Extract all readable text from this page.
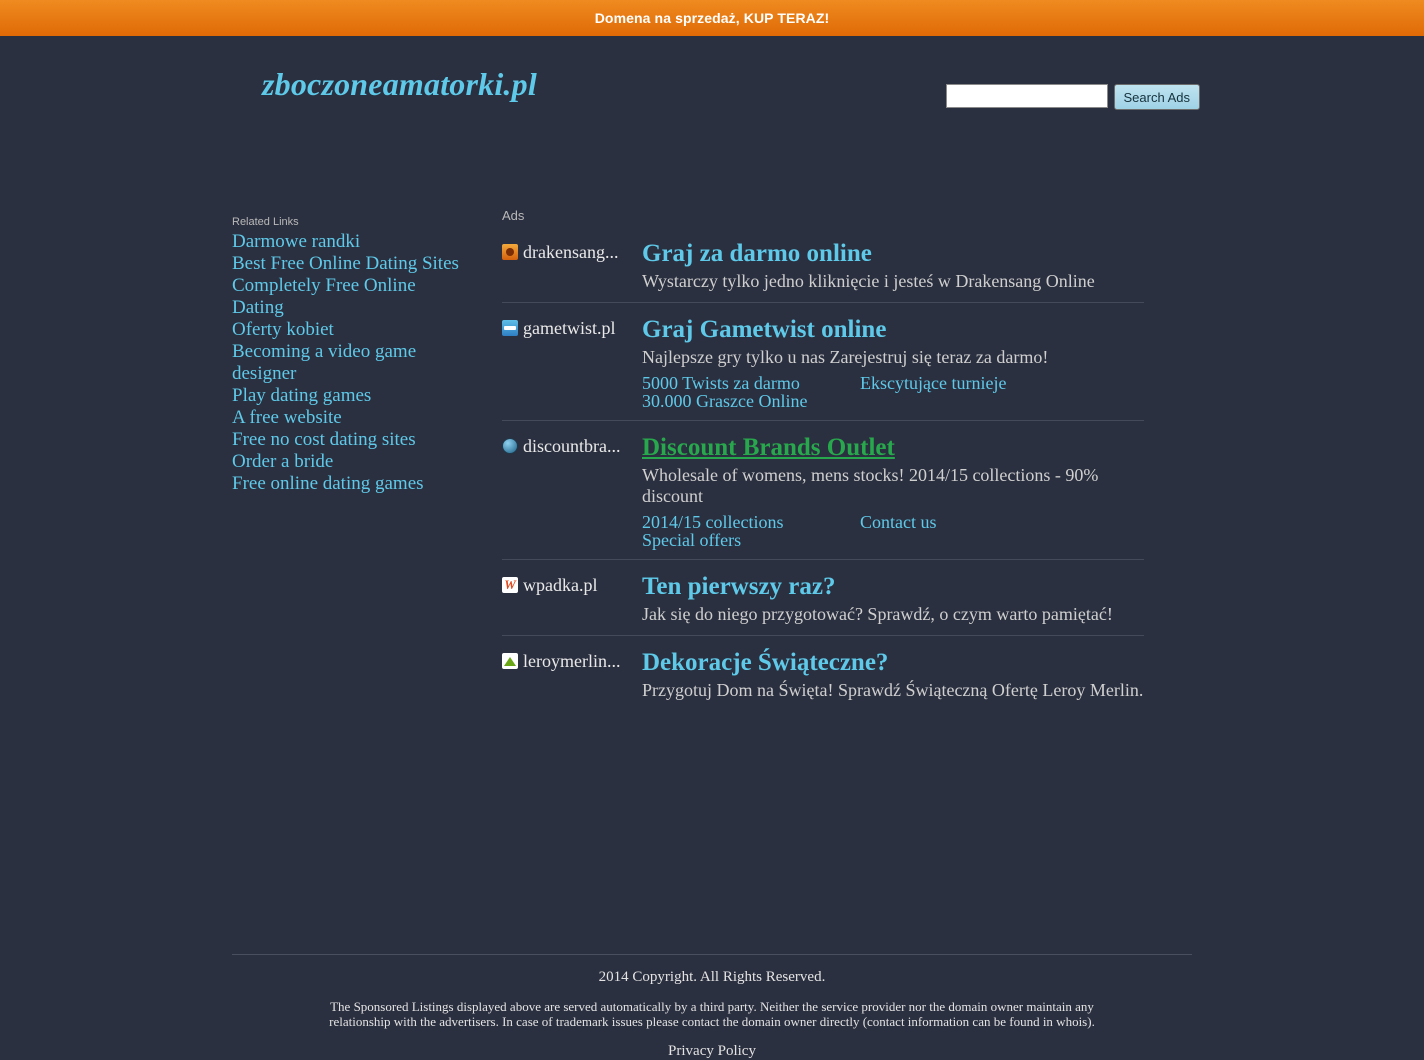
Domena na sprzedaż, KUP TERAZ!
zboczoneamatorki.pl	Search Ads
Related Links
Darmowe randki
Best Free Online Dating Sites
Completely Free Online Dating
Oferty kobiet
Becoming a video game designer
Play dating games
A free website
Free no cost dating sites
Order a bride
Free online dating games
Ads
drakensang... Graj za darmo online
Wystarczy tylko jedno kliknięcie i jesteś w Drakensang Online
gametwist.pl Graj Gametwist online
Najlepsze gry tylko u nas Zarejestruj się teraz za darmo!
5000 Twists za darmo	Ekscytujące turnieje
30.000 Graszce Online
discountbra... Discount Brands Outlet
Wholesale of womens, mens stocks! 2014/15 collections - 90% discount
2014/15 collections	Contact us
Special offers
W wpadka.pl Ten pierwszy raz?
Jak się do niego przygotować? Sprawdź, o czym warto pamiętać!
leroymerlin... Dekoracje Świąteczne?
Przygotuj Dom na Święta! Sprawdź Świąteczną Ofertę Leroy Merlin.
2014 Copyright. All Rights Reserved.
The Sponsored Listings displayed above are served automatically by a third party. Neither the service provider nor the domain owner maintain any
relationship with the advertisers. In case of trademark issues please contact the domain owner directly (contact information can be found in whois).
Privacy Policy
